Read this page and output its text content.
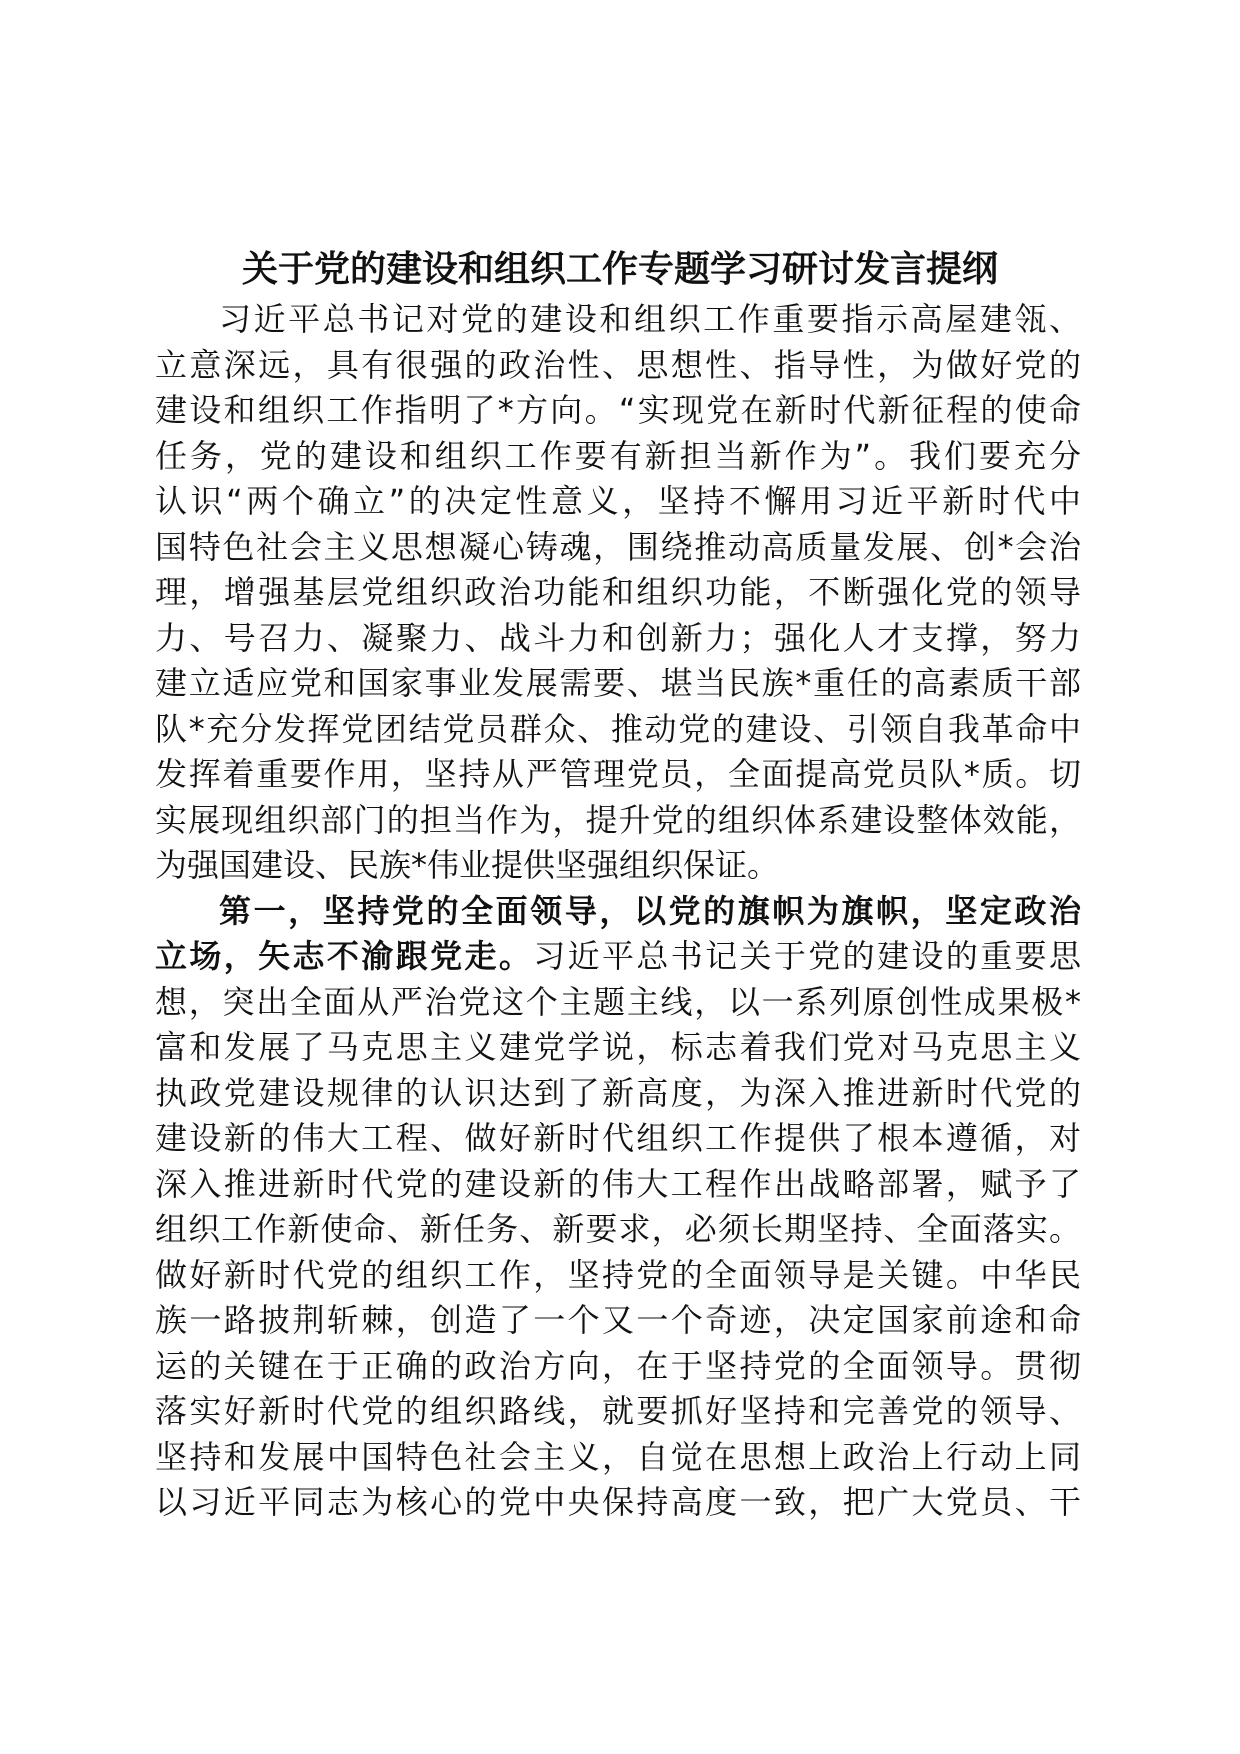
关于党的建设和组织工作专题学习研讨发言提纲
习近平总书记对党的建设和组织工作重要指示高屋建瓴、
立意深远，具有很强的政治性、思想性、指导性，为做好党的
建设和组织工作指明了*方向。“实现党在新时代新征程的使命
任务，党的建设和组织工作要有新担当新作为”。我们要充分
认识“两个确立”的决定性意义，坚持不懈用习近平新时代中
国特色社会主义思想凝心铸魂，围绕推动高质量发展、创*会治
理，增强基层党组织政治功能和组织功能，不断强化党的领导
力、号召力、凝聚力、战斗力和创新力；强化人才支撑，努力
建立适应党和国家事业发展需要、堪当民族*重任的高素质干部
队*充分发挥党团结党员群众、推动党的建设、引领自我革命中
发挥着重要作用，坚持从严管理党员，全面提高党员队*质。切
实展现组织部门的担当作为，提升党的组织体系建设整体效能，
为强国建设、民族*伟业提供坚强组织保证。
第一，坚持党的全面领导，以党的旗帜为旗帜，坚定政治
立场，矢志不渝跟党走。习近平总书记关于党的建设的重要思
想，突出全面从严治党这个主题主线，以一系列原创性成果极*
富和发展了马克思主义建党学说，标志着我们党对马克思主义
执政党建设规律的认识达到了新高度，为深入推进新时代党的
建设新的伟大工程、做好新时代组织工作提供了根本遵循，对
深入推进新时代党的建设新的伟大工程作出战略部署，赋予了
组织工作新使命、新任务、新要求，必须长期坚持、全面落实。
做好新时代党的组织工作，坚持党的全面领导是关键。中华民
族一路披荆斩棘，创造了一个又一个奇迹，决定国家前途和命
运的关键在于正确的政治方向，在于坚持党的全面领导。贯彻
落实好新时代党的组织路线，就要抓好坚持和完善党的领导、
坚持和发展中国特色社会主义，自觉在思想上政治上行动上同
以习近平同志为核心的党中央保持高度一致，把广大党员、干
